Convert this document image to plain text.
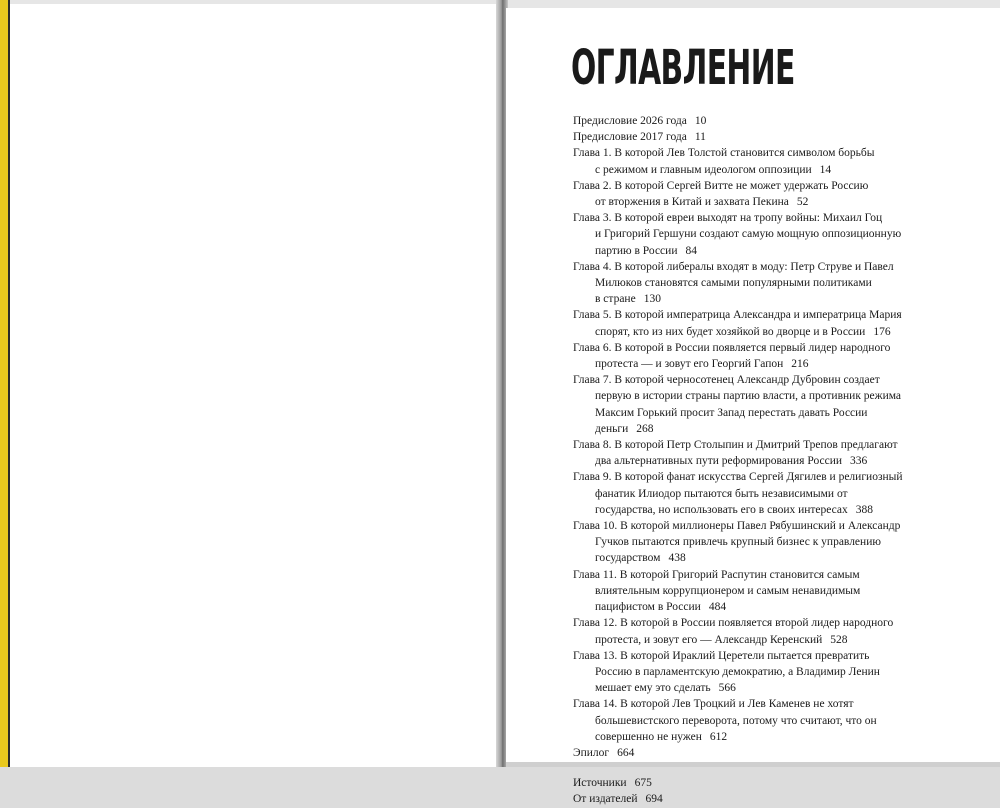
ОГЛАВЛЕНИЕ
Предисловие 2026 года 10
Предисловие 2017 года 11
Глава 1. В которой Лев Толстой становится символом борьбы
с режимом и главным идеологом оппозиции 14
Глава 2. В которой Сергей Витте не может удержать Россию
от вторжения в Китай и захвата Пекина 52
Глава 3. В которой евреи выходят на тропу войны: Михаил Гоц
и Григорий Гершуни создают самую мощную оппозиционную
партию в России 84
Глава 4. В которой либералы входят в моду: Петр Струве и Павел
Милюков становятся самыми популярными политиками
в стране 130
Глава 5. В которой императрица Александра и императрица Мария
спорят, кто из них будет хозяйкой во дворце и в России 176
Глава 6. В которой в России появляется первый лидер народного
протеста — и зовут его Георгий Гапон 216
Глава 7. В которой черносотенец Александр Дубровин создает
первую в истории страны партию власти, а противник режима
Максим Горький просит Запад перестать давать России
деньги 268
Глава 8. В которой Петр Столыпин и Дмитрий Трепов предлагают
два альтернативных пути реформирования России 336
Глава 9. В которой фанат искусства Сергей Дягилев и религиозный
фанатик Илиодор пытаются быть независимыми от
государства, но использовать его в своих интересах 388
Глава 10. В которой миллионеры Павел Рябушинский и Александр
Гучков пытаются привлечь крупный бизнес к управлению
государством 438
Глава 11. В которой Григорий Распутин становится самым
влиятельным коррупционером и самым ненавидимым
пацифистом в России 484
Глава 12. В которой в России появляется второй лидер народного
протеста, и зовут его — Александр Керенский 528
Глава 13. В которой Ираклий Церетели пытается превратить
Россию в парламентскую демократию, а Владимир Ленин
мешает ему это сделать 566
Глава 14. В которой Лев Троцкий и Лев Каменев не хотят
большевистского переворота, потому что считают, что он
совершенно не нужен 612
Эпилог 664
Источники 675
От издателей 694
